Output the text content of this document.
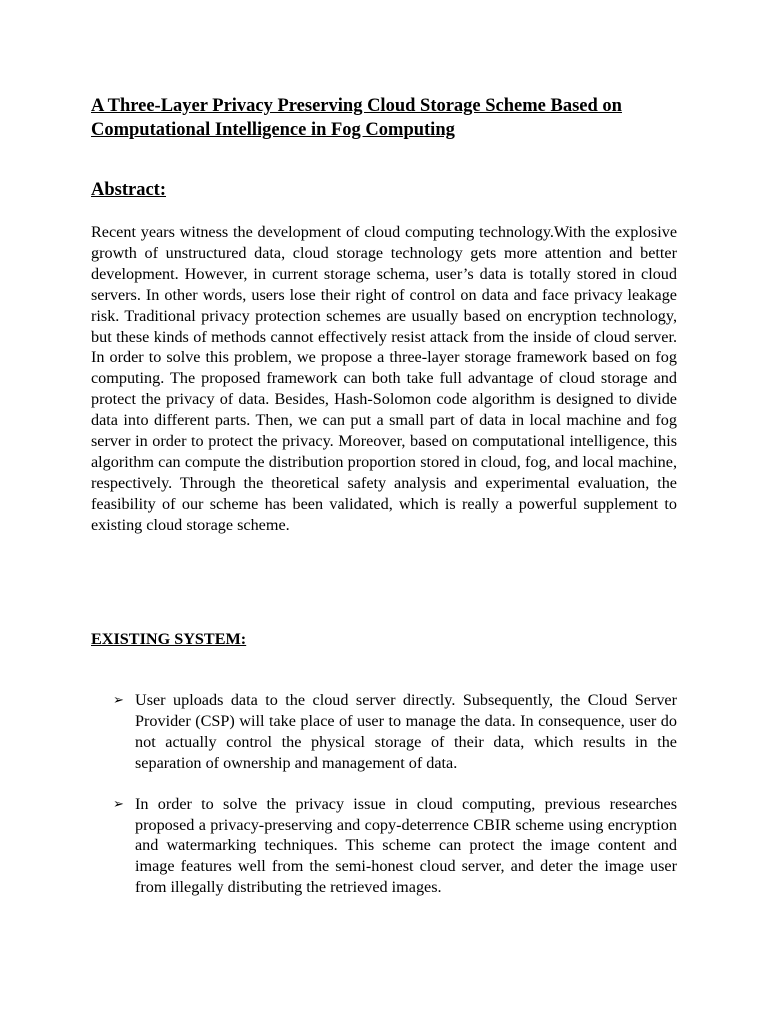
A Three-Layer Privacy Preserving Cloud Storage Scheme Based on Computational Intelligence in Fog Computing
Abstract:

Recent years witness the development of cloud computing technology.With the explosive growth of unstructured data, cloud storage technology gets more attention and better development. However, in current storage schema, user’s data is totally stored in cloud servers. In other words, users lose their right of control on data and face privacy leakage risk. Traditional privacy protection schemes are usually based on encryption technology, but these kinds of methods cannot effectively resist attack from the inside of cloud server. In order to solve this problem, we propose a three-layer storage framework based on fog computing. The proposed framework can both take full advantage of cloud storage and protect the privacy of data. Besides, Hash-Solomon code algorithm is designed to divide data into different parts. Then, we can put a small part of data in local machine and fog server in order to protect the privacy. Moreover, based on computational intelligence, this algorithm can compute the distribution proportion stored in cloud, fog, and local machine, respectively. Through the theoretical safety analysis and experimental evaluation, the feasibility of our scheme has been validated, which is really a powerful supplement to existing cloud storage scheme.

EXISTING SYSTEM:
➢ User uploads data to the cloud server directly. Subsequently, the Cloud Server Provider (CSP) will take place of user to manage the data. In consequence, user do not actually control the physical storage of their data, which results in the separation of ownership and management of data.
➢ In order to solve the privacy issue in cloud computing, previous researches proposed a privacy-preserving and copy-deterrence CBIR scheme using encryption and watermarking techniques. This scheme can protect the image content and image features well from the semi-honest cloud server, and deter the image user from illegally distributing the retrieved images.
